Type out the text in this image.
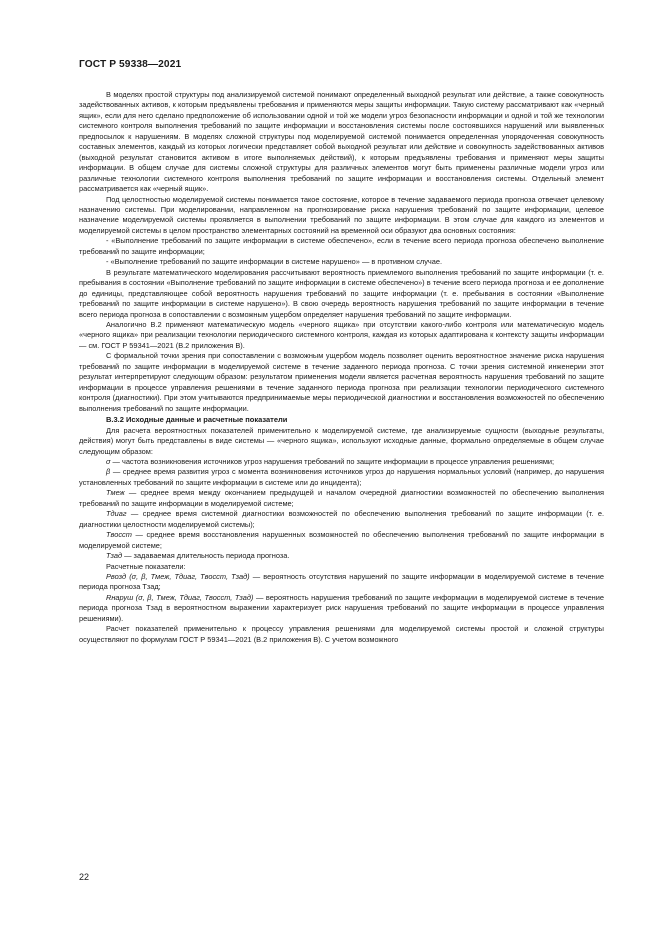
ГОСТ Р 59338—2021

В моделях простой структуры под анализируемой системой понимают определенный выходной результат или действие, а также совокупность задействованных активов, к которым предъявлены требования и применяются меры защиты информации. Такую систему рассматривают как «черный ящик», если для него сделано предположение об использовании одной и той же модели угроз безопасности информации и одной и той же технологии системного контроля выполнения требований по защите информации и восстановления системы после состоявшихся нарушений или выявленных предпосылок к нарушениям. В моделях сложной структуры под моделируемой системой понимается определенная упорядоченная совокупность составных элементов, каждый из которых логически представляет собой выходной результат или действие и совокупность задействованных активов (выходной результат становится активом в итоге выполняемых действий), к которым предъявлены требования и применяют меры защиты информации. В общем случае для системы сложной структуры для различных элементов могут быть применены различные модели угроз или различные технологии системного контроля выполнения требований по защите информации и восстановления системы. Отдельный элемент рассматривается как «черный ящик».

Под целостностью моделируемой системы понимается такое состояние, которое в течение задаваемого периода прогноза отвечает целевому назначению системы. При моделировании, направленном на прогнозирование риска нарушения требований по защите информации, целевое назначение моделируемой системы проявляется в выполнении требований по защите информации. В этом случае для каждого из элементов и моделируемой системы в целом пространство элементарных состояний на временной оси образуют два основных состояния:

- «Выполнение требований по защите информации в системе обеспечено», если в течение всего периода прогноза обеспечено выполнение требований по защите информации;

- «Выполнение требований по защите информации в системе нарушено» — в противном случае.

В результате математического моделирования рассчитывают вероятность приемлемого выполнения требований по защите информации (т. е. пребывания в состоянии «Выполнение требований по защите информации в системе обеспечено») в течение всего периода прогноза и ее дополнение до единицы, представляющее собой вероятность нарушения требований по защите информации (т. е. пребывания в состоянии «Выполнение требований по защите информации в системе нарушено»). В свою очередь вероятность нарушения требований по защите информации в течение всего периода прогноза в сопоставлении с возможным ущербом определяет нарушения требований по защите информации.

Аналогично В.2 применяют математическую модель «черного ящика» при отсутствии какого-либо контроля или математическую модель «черного ящика» при реализации технологии периодического системного контроля, каждая из которых адаптирована к контексту защиты информации — см. ГОСТ Р 59341—2021 (В.2 приложения В).

С формальной точки зрения при сопоставлении с возможным ущербом модель позволяет оценить вероятностное значение риска нарушения требований по защите информации в моделируемой системе в течение заданного периода прогноза. С точки зрения системной инженерии этот результат интерпретируют следующим образом: результатом применения модели является расчетная вероятность нарушения требований по защите информации в процессе управления решениями в течение заданного периода прогноза при реализации технологии периодического системного контроля (диагностики). При этом учитываются предпринимаемые меры периодической диагностики и восстановления возможностей по обеспечению выполнения требований по защите информации.

В.3.2 Исходные данные и расчетные показатели

Для расчета вероятностных показателей применительно к моделируемой системе, где анализируемые сущности (выходные результаты, действия) могут быть представлены в виде системы — «черного ящика», используют исходные данные, формально определяемые в общем случае следующим образом:

σ — частота возникновения источников угроз нарушения требований по защите информации в процессе управления решениями;

β — среднее время развития угроз с момента возникновения источников угроз до нарушения нормальных условий (например, до нарушения установленных требований по защите информации в системе или до инцидента);

Tмеж — среднее время между окончанием предыдущей и началом очередной диагностики возможностей по обеспечению выполнения требований по защите информации в моделируемой системе;

Tдиаг — среднее время системной диагностики возможностей по обеспечению выполнения требований по защите информации (т. е. диагностики целостности моделируемой системы);

Tвосст — среднее время восстановления нарушенных возможностей по обеспечению выполнения требований по защите информации в моделируемой системе;

Tзад — задаваемая длительность периода прогноза.

Расчетные показатели:

Pвозд (σ, β, Tмеж, Tдиаг, Tвосст, Tзад) — вероятность отсутствия нарушений по защите информации в моделируемой системе в течение периода прогноза Tзад;

Rнаруш (σ, β, Tмеж, Tдиаг, Tвосст, Tзад) — вероятность нарушения требований по защите информации в моделируемой системе в течение периода прогноза Tзад в вероятностном выражении характеризует риск нарушения требований по защите информации в процессе управления решениями).

Расчет показателей применительно к процессу управления решениями для моделируемой системы простой и сложной структуры осуществляют по формулам ГОСТ Р 59341—2021 (В.2 приложения В). С учетом возможного

22
